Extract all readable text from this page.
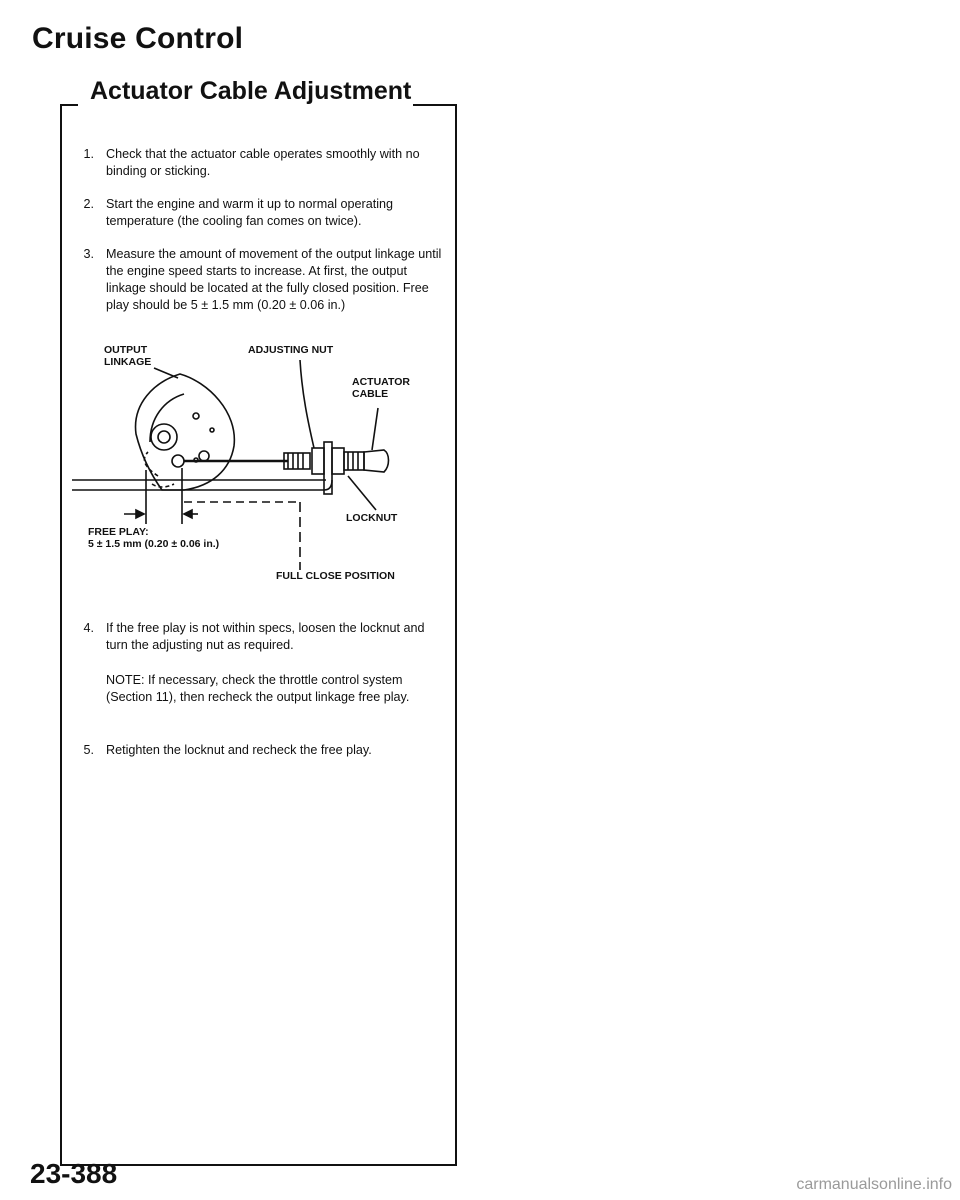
Cruise Control
Actuator Cable Adjustment
1. Check that the actuator cable operates smoothly with no binding or sticking.
2. Start the engine and warm it up to normal operating temperature (the cooling fan comes on twice).
3. Measure the amount of movement of the output linkage until the engine speed starts to increase. At first, the output linkage should be located at the fully closed position. Free play should be 5 ± 1.5 mm (0.20 ± 0.06 in.)
OUTPUT
LINKAGE
ADJUSTING NUT
ACTUATOR
CABLE
LOCKNUT
FREE PLAY:
5 ± 1.5 mm (0.20 ± 0.06 in.)
FULL CLOSE POSITION
4. If the free play is not within specs, loosen the locknut and turn the adjusting nut as required.
NOTE: If necessary, check the throttle control system (Section 11), then recheck the output linkage free play.
5. Retighten the locknut and recheck the free play.
23-388	carmanualsonline.info
